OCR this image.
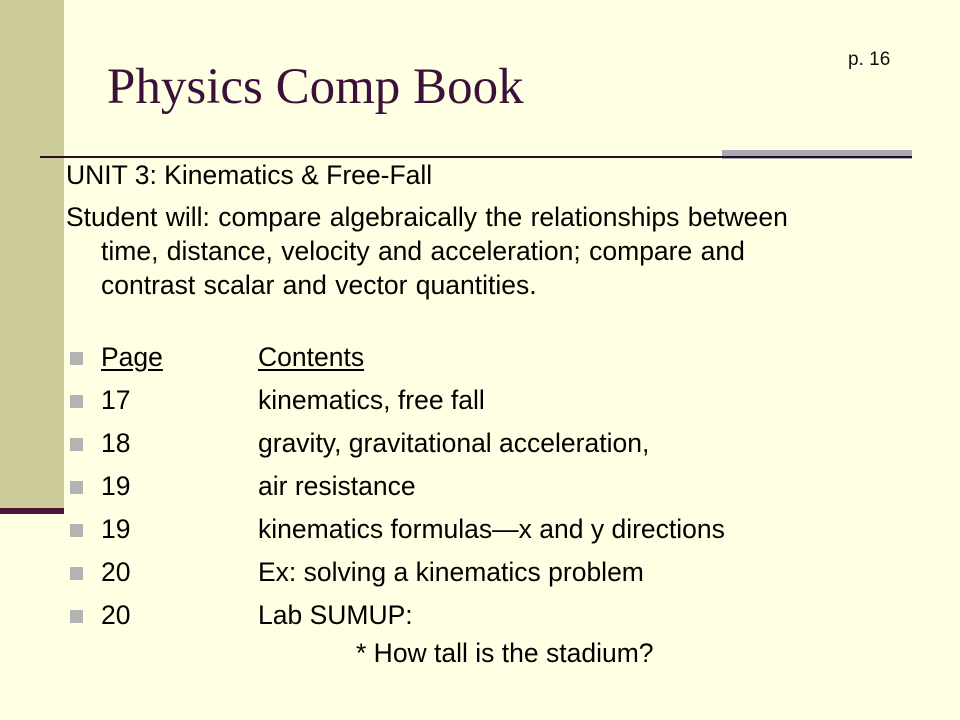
Physics Comp Book	p. 16
UNIT 3: Kinematics & Free-Fall
Student will: compare algebraically the relationships between
time, distance, velocity and acceleration; compare and
contrast scalar and vector quantities.
Page	Contents
17	kinematics, free fall
18	gravity, gravitational acceleration,
19	air resistance
19	kinematics formulas—x and y directions
20	Ex: solving a kinematics problem
20	Lab SUMUP:
* How tall is the stadium?
